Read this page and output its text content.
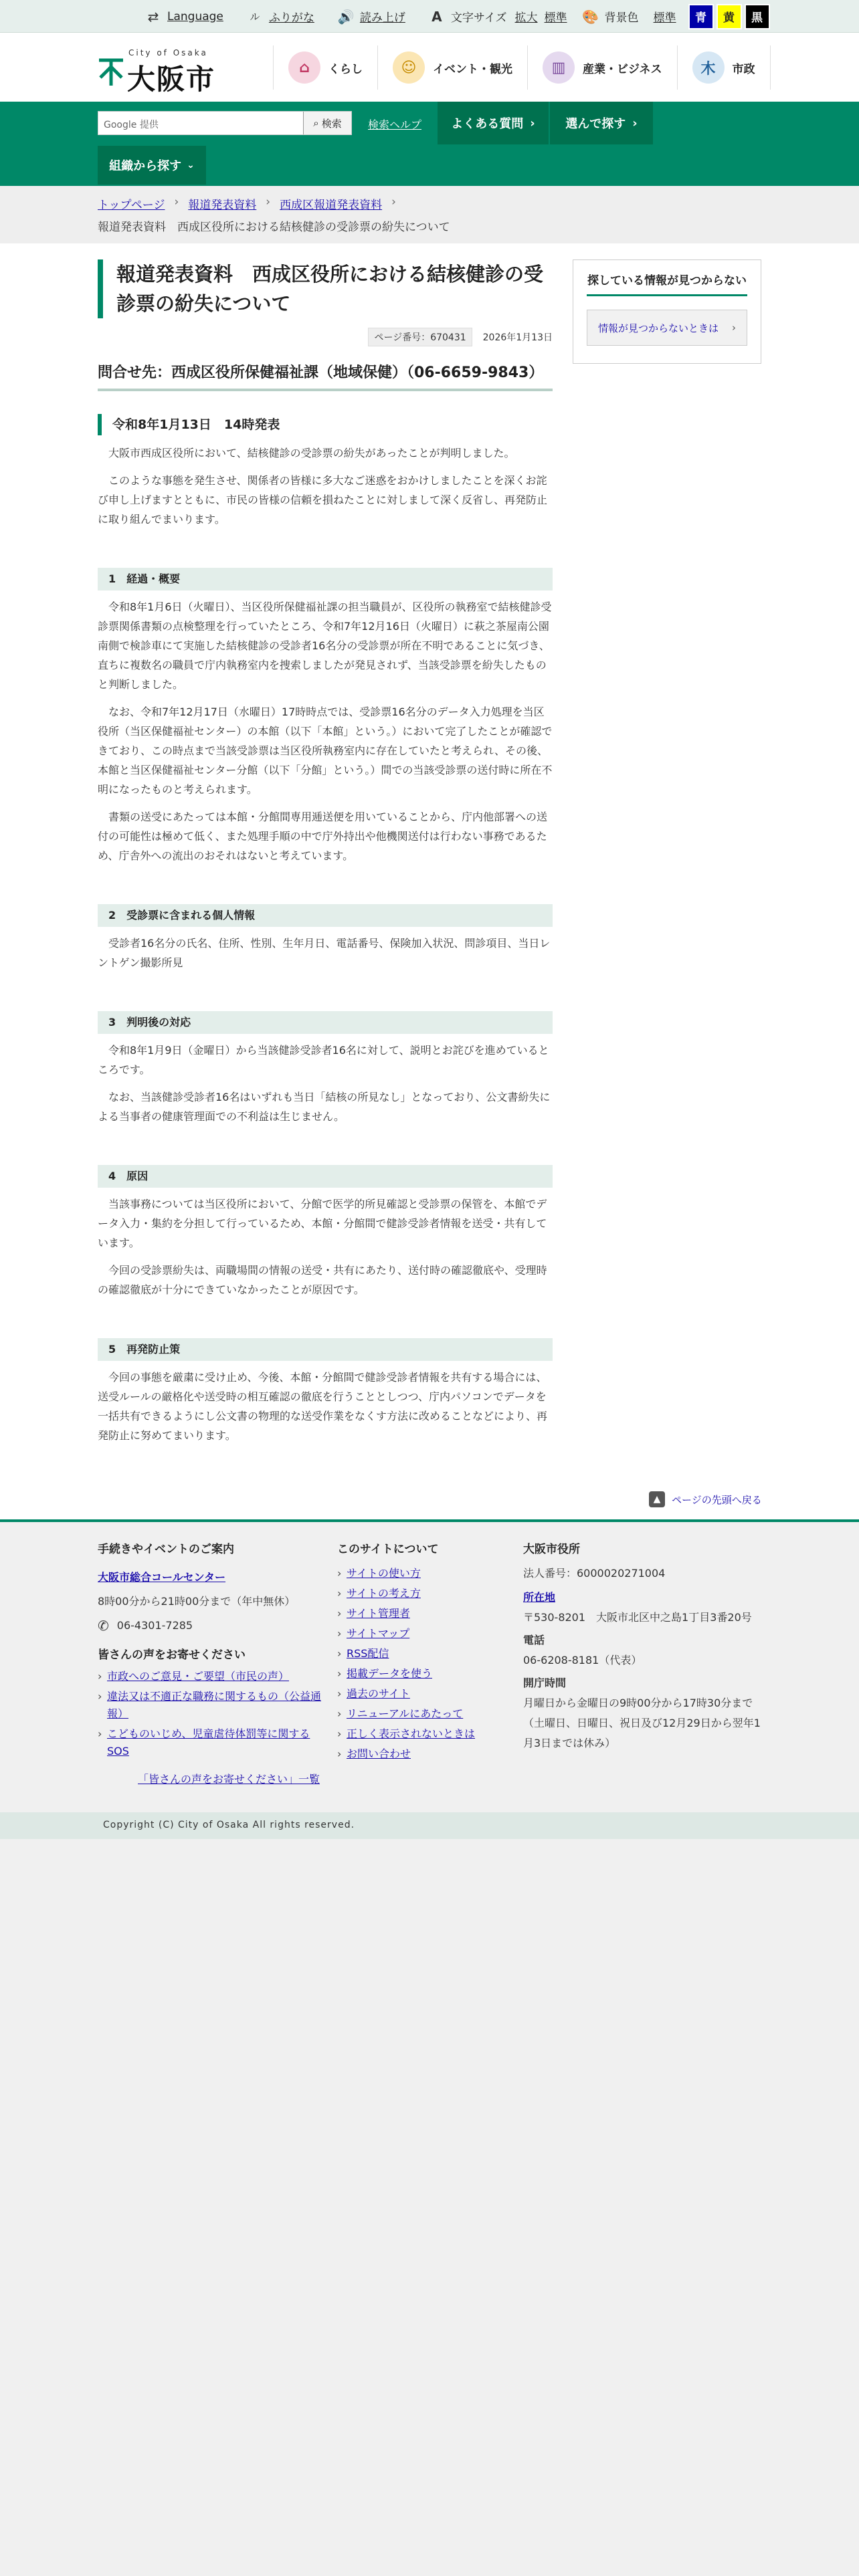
⇄ Language	ル ふりがな 🔊 読み上げ A 文字サイズ 拡大 標準 🎨 背景色 標準	青	黄	黒
City of Osaka
大阪市	⌂	くらし	☺	イベント・観光	▥	産業・ビジネス	木	市政
Google 提供	⌕ 検索 検索ヘルプ よくある質問 ›	選んで探す ›
組織から探す ⌄
トップページ › 報道発表資料 › 西成区報道発表資料 ›
報道発表資料　西成区役所における結核健診の受診票の紛失について
報道発表資料　西成区役所における結核健診の受診票の紛失について
ページ番号：670431 2026年1月13日
問合せ先：西成区役所保健福祉課（地域保健）（06-6659-9843）
令和8年1月13日　14時発表

大阪市西成区役所において、結核健診の受診票の紛失があったことが判明しました。

このような事態を発生させ、関係者の皆様に多大なご迷惑をおかけしましたことを深くお詫び申し上げますとともに、市民の皆様の信頼を損ねたことに対しまして深く反省し、再発防止に取り組んでまいります。

1　経過・概要

令和8年1月6日（火曜日）、当区役所保健福祉課の担当職員が、区役所の執務室で結核健診受診票関係書類の点検整理を行っていたところ、令和7年12月16日（火曜日）に萩之茶屋南公園南側で検診車にて実施した結核健診の受診者16名分の受診票が所在不明であることに気づき、直ちに複数名の職員で庁内執務室内を捜索しましたが発見されず、当該受診票を紛失したものと判断しました。

なお、令和7年12月17日（水曜日）17時時点では、受診票16名分のデータ入力処理を当区役所（当区保健福祉センター）の本館（以下「本館」という。）において完了したことが確認できており、この時点まで当該受診票は当区役所執務室内に存在していたと考えられ、その後、本館と当区保健福祉センター分館（以下「分館」という。）間での当該受診票の送付時に所在不明になったものと考えられます。

書類の送受にあたっては本館・分館間専用逓送便を用いていることから、庁内他部署への送付の可能性は極めて低く、また処理手順の中で庁外持出や他機関送付は行わない事務であるため、庁舎外への流出のおそれはないと考えています。

2　受診票に含まれる個人情報

受診者16名分の氏名、住所、性別、生年月日、電話番号、保険加入状況、問診項目、当日レントゲン撮影所見

3　判明後の対応

令和8年1月9日（金曜日）から当該健診受診者16名に対して、説明とお詫びを進めているところです。

なお、当該健診受診者16名はいずれも当日「結核の所見なし」となっており、公文書紛失による当事者の健康管理面での不利益は生じません。

4　原因

当該事務については当区役所において、分館で医学的所見確認と受診票の保管を、本館でデータ入力・集約を分担して行っているため、本館・分館間で健診受診者情報を送受・共有しています。

今回の受診票紛失は、両職場間の情報の送受・共有にあたり、送付時の確認徹底や、受理時の確認徹底が十分にできていなかったことが原因です。

5　再発防止策

今回の事態を厳粛に受け止め、今後、本館・分館間で健診受診者情報を共有する場合には、送受ルールの厳格化や送受時の相互確認の徹底を行うこととしつつ、庁内パソコンでデータを一括共有できるようにし公文書の物理的な送受作業をなくす方法に改めることなどにより、再発防止に努めてまいります。

探している情報が見つからない
情報が見つからないときは ›
▲	ページの先頭へ戻る
手続きやイベントのご案内
大阪市総合コールセンター
8時00分から21時00分まで（年中無休）
✆ 06-4301-7285
皆さんの声をお寄せください
› 市政へのご意見・ご要望（市民の声）
› 違法又は不適正な職務に関するもの（公益通報）
› こどものいじめ、児童虐待体罰等に関するSOS
「皆さんの声をお寄せください」一覧
このサイトについて
› サイトの使い方
› サイトの考え方
› サイト管理者
› サイトマップ
› RSS配信
› 掲載データを使う
› 過去のサイト
› リニューアルにあたって
› 正しく表示されないときは
› お問い合わせ
大阪市役所
法人番号：6000020271004
所在地
〒530-8201　大阪市北区中之島1丁目3番20号
電話
06-6208-8181（代表）
開庁時間
月曜日から金曜日の9時00分から17時30分まで
（土曜日、日曜日、祝日及び12月29日から翌年1月3日までは休み）
Copyright (C) City of Osaka All rights reserved.
